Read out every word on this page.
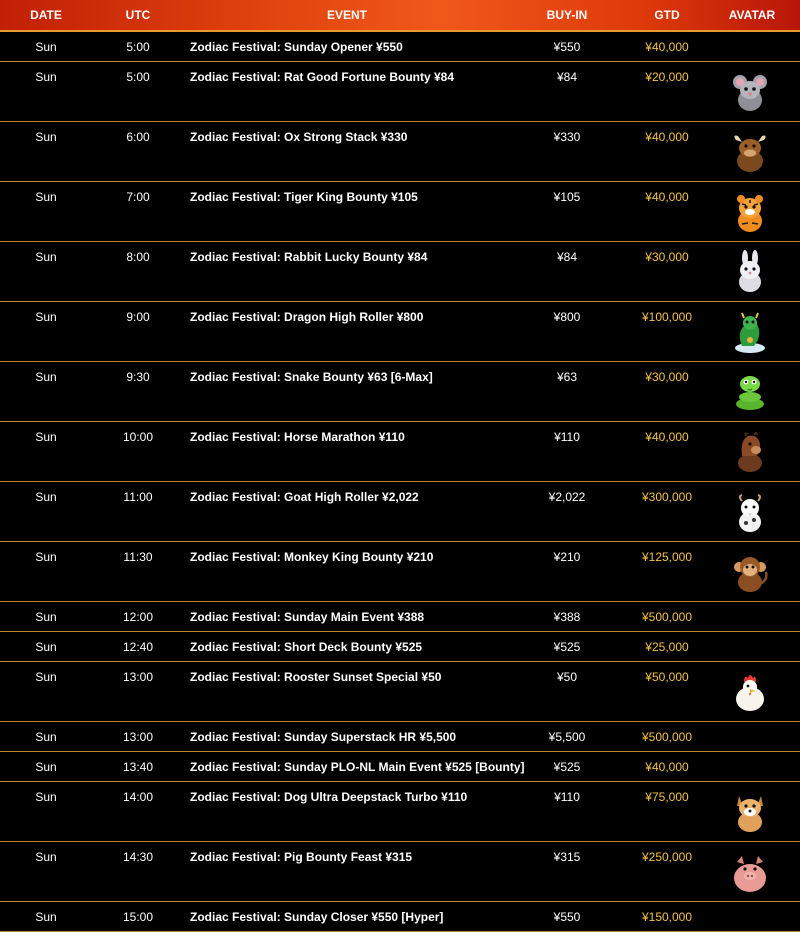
DATE	UTC	EVENT	BUY-IN	GTD	AVATAR
Sun	5:00	Zodiac Festival: Sunday Opener ¥550	¥550	¥40,000
Sun	5:00	Zodiac Festival: Rat Good Fortune Bounty ¥84	¥84	¥20,000
Sun	6:00	Zodiac Festival: Ox Strong Stack ¥330	¥330	¥40,000
Sun	7:00	Zodiac Festival: Tiger King Bounty ¥105	¥105	¥40,000
Sun	8:00	Zodiac Festival: Rabbit Lucky Bounty ¥84	¥84	¥30,000
Sun	9:00	Zodiac Festival: Dragon High Roller ¥800	¥800	¥100,000
Sun	9:30	Zodiac Festival: Snake Bounty ¥63 [6-Max]	¥63	¥30,000
Sun	10:00	Zodiac Festival: Horse Marathon ¥110	¥110	¥40,000
Sun	11:00	Zodiac Festival: Goat High Roller ¥2,022	¥2,022	¥300,000
Sun	11:30	Zodiac Festival: Monkey King Bounty ¥210	¥210	¥125,000
Sun	12:00	Zodiac Festival: Sunday Main Event ¥388	¥388	¥500,000
Sun	12:40	Zodiac Festival: Short Deck Bounty ¥525	¥525	¥25,000
Sun	13:00	Zodiac Festival: Rooster Sunset Special ¥50	¥50	¥50,000
Sun	13:00	Zodiac Festival: Sunday Superstack HR ¥5,500	¥5,500	¥500,000
Sun	13:40	Zodiac Festival: Sunday PLO-NL Main Event ¥525 [Bounty]	¥525	¥40,000
Sun	14:00	Zodiac Festival: Dog Ultra Deepstack Turbo ¥110	¥110	¥75,000
Sun	14:30	Zodiac Festival: Pig Bounty Feast ¥315	¥315	¥250,000
Sun	15:00	Zodiac Festival: Sunday Closer ¥550 [Hyper]	¥550	¥150,000
